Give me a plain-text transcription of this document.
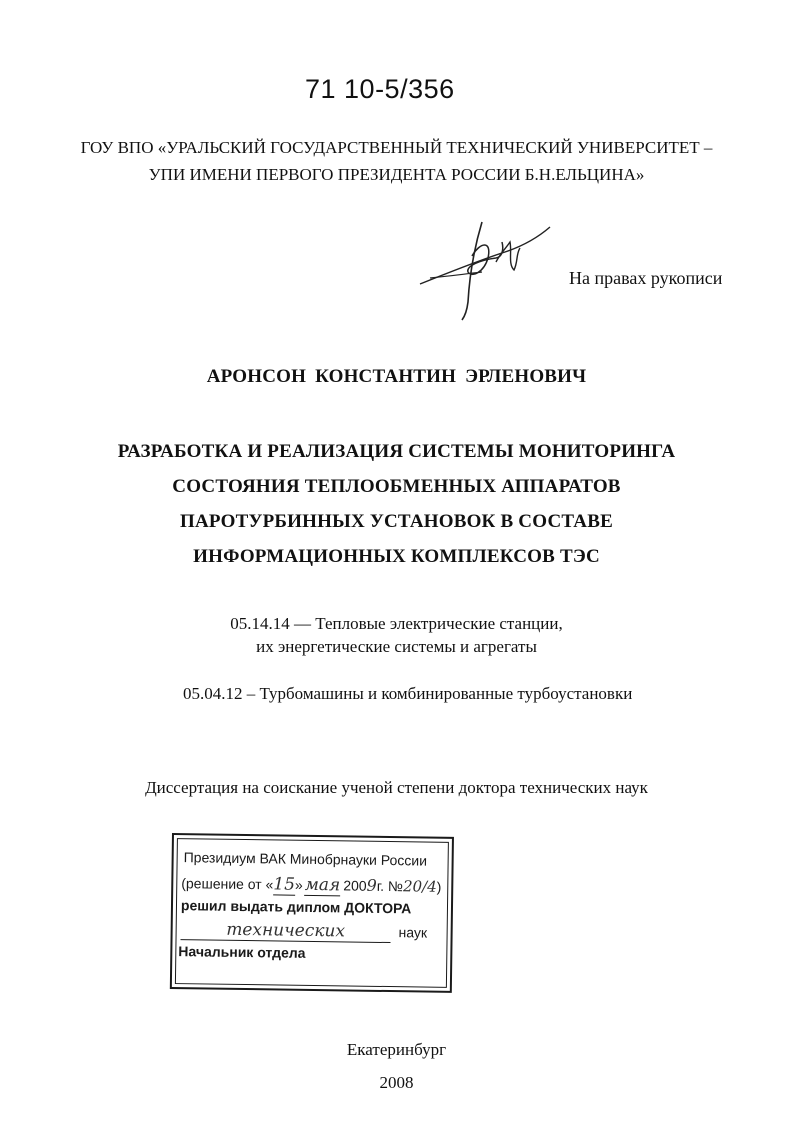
71 10-5/356
ГОУ ВПО «УРАЛЬСКИЙ ГОСУДАРСТВЕННЫЙ ТЕХНИЧЕСКИЙ УНИВЕРСИТЕТ –
УПИ ИМЕНИ ПЕРВОГО ПРЕЗИДЕНТА РОССИИ Б.Н.ЕЛЬЦИНА»
На правах рукописи
АРОНСОН КОНСТАНТИН ЭРЛЕНОВИЧ
РАЗРАБОТКА И РЕАЛИЗАЦИЯ СИСТЕМЫ МОНИТОРИНГА
СОСТОЯНИЯ ТЕПЛООБМЕННЫХ АППАРАТОВ
ПАРОТУРБИННЫХ УСТАНОВОК В СОСТАВЕ
ИНФОРМАЦИОННЫХ КОМПЛЕКСОВ ТЭС
05.14.14 — Тепловые электрические станции,
их энергетические системы и агрегаты
05.04.12 – Турбомашины и комбинированные турбоустановки
Диссертация на соискание ученой степени доктора технических наук
Президиум ВАК Минобрнауки России
(решение от «15» мая 2009г. №20/4)
решил выдать диплом ДОКТОРА
технических	наук
Начальник отдела
Екатеринбург
2008
